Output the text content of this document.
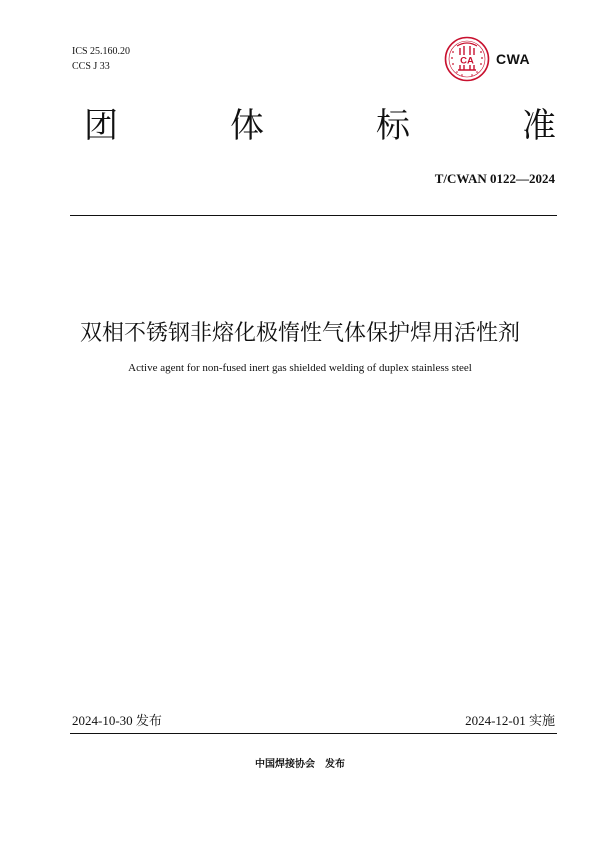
ICS 25.160.20
CCS J 33	CA CWA
团	体	标	准
T/CWAN 0122—2024
双相不锈钢非熔化极惰性气体保护焊用活性剂
Active agent for non-fused inert gas shielded welding of duplex stainless steel
2024-10-30 发布	2024-12-01 实施
中国焊接协会 发布
